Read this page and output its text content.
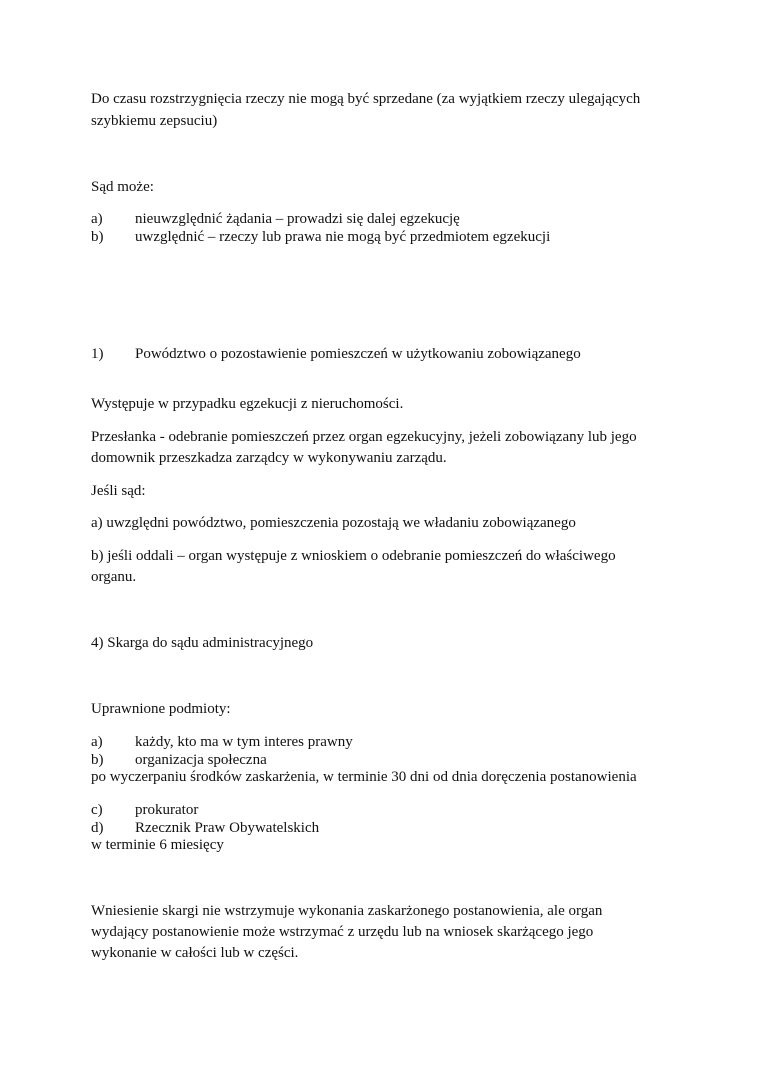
Do czasu rozstrzygnięcia rzeczy nie mogą być sprzedane (za wyjątkiem rzeczy ulegających
szybkiemu zepsuciu)
Sąd może:
a) nieuwzględnić żądania – prowadzi się dalej egzekucję
b) uwzględnić – rzeczy lub prawa nie mogą być przedmiotem egzekucji
1) Powództwo o pozostawienie pomieszczeń w użytkowaniu zobowiązanego
Występuje w przypadku egzekucji z nieruchomości.
Przesłanka - odebranie pomieszczeń przez organ egzekucyjny, jeżeli zobowiązany lub jego
domownik przeszkadza zarządcy w wykonywaniu zarządu.
Jeśli sąd:
a) uwzględni powództwo, pomieszczenia pozostają we władaniu zobowiązanego
b) jeśli oddali – organ występuje z wnioskiem o odebranie pomieszczeń do właściwego
organu.
4) Skarga do sądu administracyjnego
Uprawnione podmioty:
a) każdy, kto ma w tym interes prawny
b) organizacja społeczna
po wyczerpaniu środków zaskarżenia, w terminie 30 dni od dnia doręczenia postanowienia
c) prokurator
d) Rzecznik Praw Obywatelskich
w terminie 6 miesięcy
Wniesienie skargi nie wstrzymuje wykonania zaskarżonego postanowienia, ale organ
wydający postanowienie może wstrzymać z urzędu lub na wniosek skarżącego jego
wykonanie w całości lub w części.
